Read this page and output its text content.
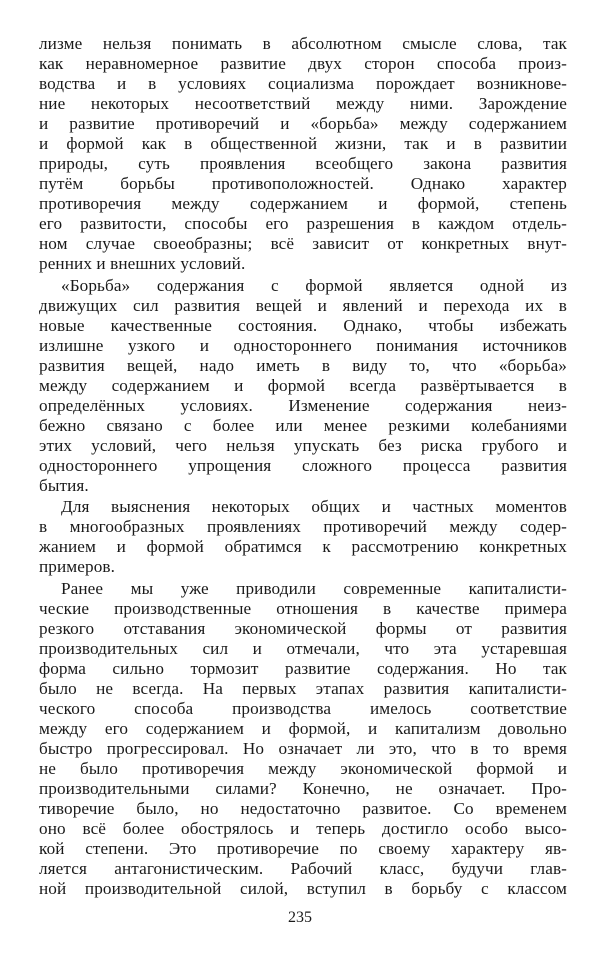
лизме нельзя понимать в абсолютном смысле слова, так
как неравномерное развитие двух сторон способа произ-
водства и в условиях социализма порождает возникнове-
ние некоторых несоответствий между ними. Зарождение
и развитие противоречий и «борьба» между содержанием
и формой как в общественной жизни, так и в развитии
природы, суть проявления всеобщего закона развития
путём борьбы противоположностей. Однако характер
противоречия между содержанием и формой, степень
его развитости, способы его разрешения в каждом отдель-
ном случае своеобразны; всё зависит от конкретных внут-
ренних и внешних условий.
«Борьба» содержания с формой является одной из
движущих сил развития вещей и явлений и перехода их в
новые качественные состояния. Однако, чтобы избежать
излишне узкого и одностороннего понимания источников
развития вещей, надо иметь в виду то, что «борьба»
между содержанием и формой всегда развёртывается в
определённых условиях. Изменение содержания неиз-
бежно связано с более или менее резкими колебаниями
этих условий, чего нельзя упускать без риска грубого и
одностороннего упрощения сложного процесса развития
бытия.
Для выяснения некоторых общих и частных моментов
в многообразных проявлениях противоречий между содер-
жанием и формой обратимся к рассмотрению конкретных
примеров.
Ранее мы уже приводили современные капиталисти-
ческие производственные отношения в качестве примера
резкого отставания экономической формы от развития
производительных сил и отмечали, что эта устаревшая
форма сильно тормозит развитие содержания. Но так
было не всегда. На первых этапах развития капиталисти-
ческого способа производства имелось соответствие
между его содержанием и формой, и капитализм довольно
быстро прогрессировал. Но означает ли это, что в то время
не было противоречия между экономической формой и
производительными силами? Конечно, не означает. Про-
тиворечие было, но недостаточно развитое. Со временем
оно всё более обострялось и теперь достигло особо высо-
кой степени. Это противоречие по своему характеру яв-
ляется антагонистическим. Рабочий класс, будучи глав-
ной производительной силой, вступил в борьбу с классом
235
